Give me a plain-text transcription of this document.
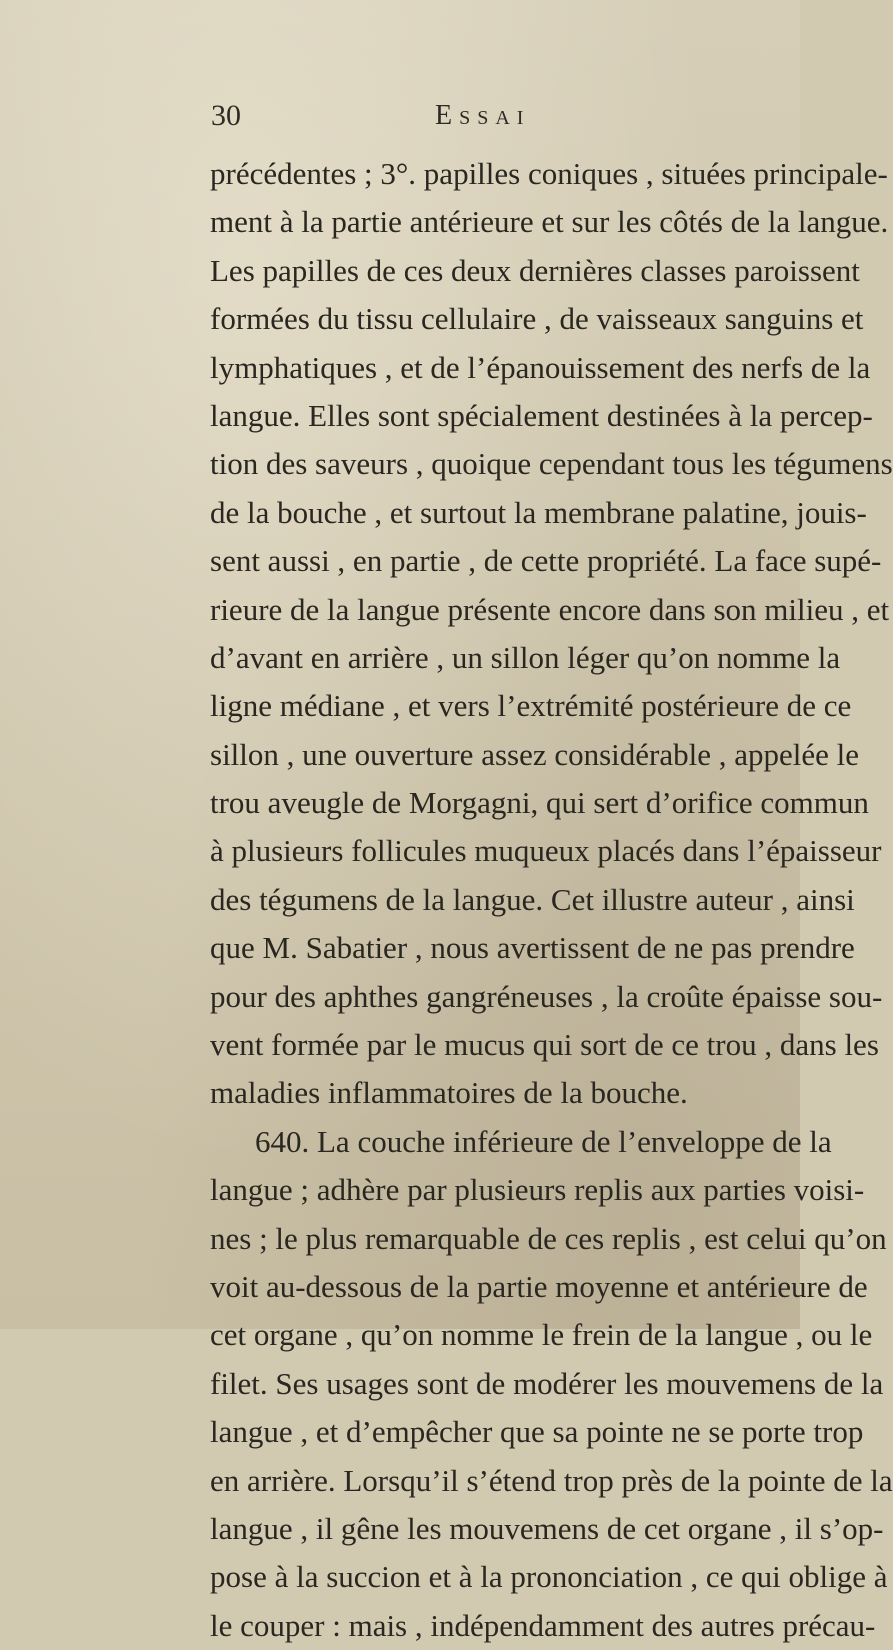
30	Essai
précédentes ; 3°. papilles coniques , situées principale-
ment à la partie antérieure et sur les côtés de la langue.
Les papilles de ces deux dernières classes paroissent
formées du tissu cellulaire , de vaisseaux sanguins et
lymphatiques , et de l’épanouissement des nerfs de la
langue. Elles sont spécialement destinées à la percep-
tion des saveurs , quoique cependant tous les tégumens
de la bouche , et surtout la membrane palatine, jouis-
sent aussi , en partie , de cette propriété. La face supé-
rieure de la langue présente encore dans son milieu , et
d’avant en arrière , un sillon léger qu’on nomme la
ligne médiane , et vers l’extrémité postérieure de ce
sillon , une ouverture assez considérable , appelée le
trou aveugle de Morgagni, qui sert d’orifice commun
à plusieurs follicules muqueux placés dans l’épaisseur
des tégumens de la langue. Cet illustre auteur , ainsi
que M. Sabatier , nous avertissent de ne pas prendre
pour des aphthes gangréneuses , la croûte épaisse sou-
vent formée par le mucus qui sort de ce trou , dans les
maladies inflammatoires de la bouche.
640. La couche inférieure de l’enveloppe de la
langue ; adhère par plusieurs replis aux parties voisi-
nes ; le plus remarquable de ces replis , est celui qu’on
voit au-dessous de la partie moyenne et antérieure de
cet organe , qu’on nomme le frein de la langue , ou le
filet. Ses usages sont de modérer les mouvemens de la
langue , et d’empêcher que sa pointe ne se porte trop
en arrière. Lorsqu’il s’étend trop près de la pointe de la
langue , il gêne les mouvemens de cet organe , il s’op-
pose à la succion et à la prononciation , ce qui oblige à
le couper : mais , indépendamment des autres précau-
